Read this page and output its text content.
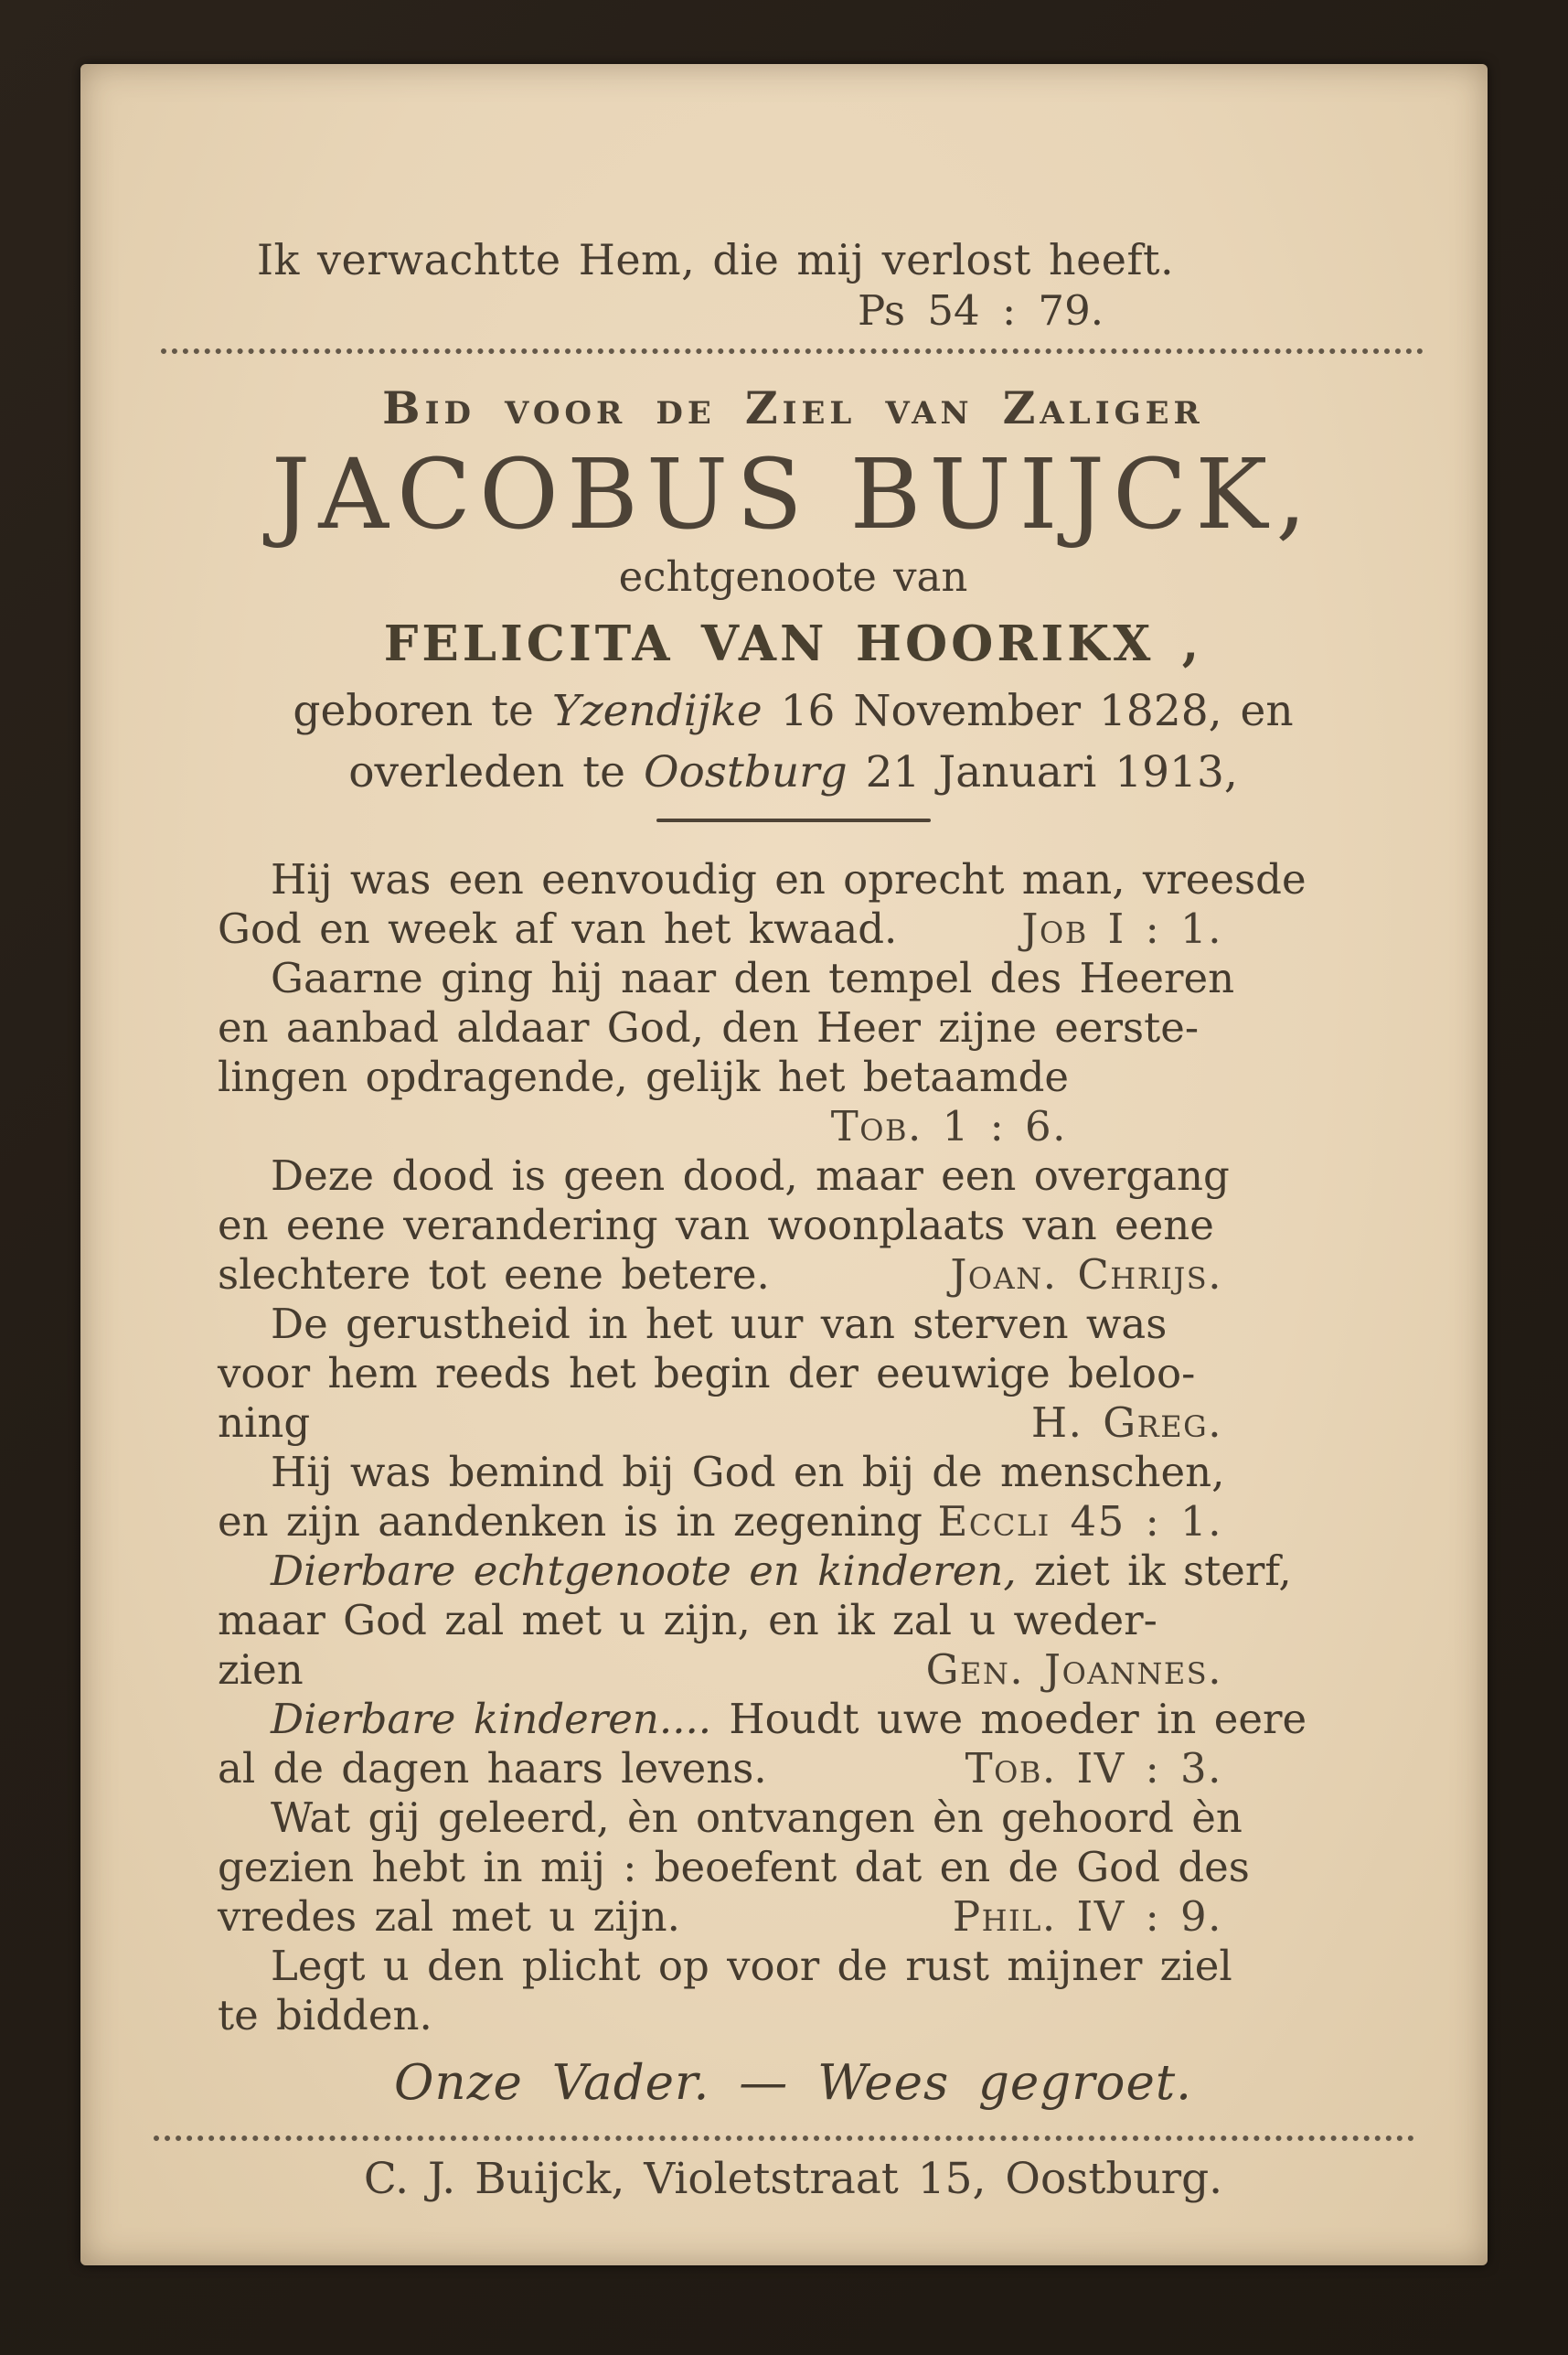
Ik verwachtte Hem, die mij verlost heeft.
Ps 54 : 79.
Bid voor de Ziel van Zaliger
JACOBUS BUIJCK,
echtgenoote van
FELICITA VAN HOORIKX ,
geboren te Yzendijke 16 November 1828, en
overleden te Oostburg 21 Januari 1913,
Hij was een eenvoudig en oprecht man, vreesde
God en week af van het kwaad.	Job I : 1.
Gaarne ging hij naar den tempel des Heeren
en aanbad aldaar God, den Heer zijne eerste-
lingen opdragende, gelijk het betaamde
Tob. 1 : 6.
Deze dood is geen dood, maar een overgang
en eene verandering van woonplaats van eene
slechtere tot eene betere.	Joan. Chrijs.
De gerustheid in het uur van sterven was
voor hem reeds het begin der eeuwige beloo-
ning	H. Greg.
Hij was bemind bij God en bij de menschen,
en zijn aandenken is in zegening Eccli 45 : 1.
Dierbare echtgenoote en kinderen, ziet ik sterf,
maar God zal met u zijn, en ik zal u weder-
zien	Gen. Joannes.
Dierbare kinderen.... Houdt uwe moeder in eere
al de dagen haars levens.	Tob. IV : 3.
Wat gij geleerd, èn ontvangen èn gehoord èn
gezien hebt in mij : beoefent dat en de God des
vredes zal met u zijn.	Phil. IV : 9.
Legt u den plicht op voor de rust mijner ziel
te bidden.
Onze Vader. — Wees gegroet.
C. J. Buijck, Violetstraat 15, Oostburg.
